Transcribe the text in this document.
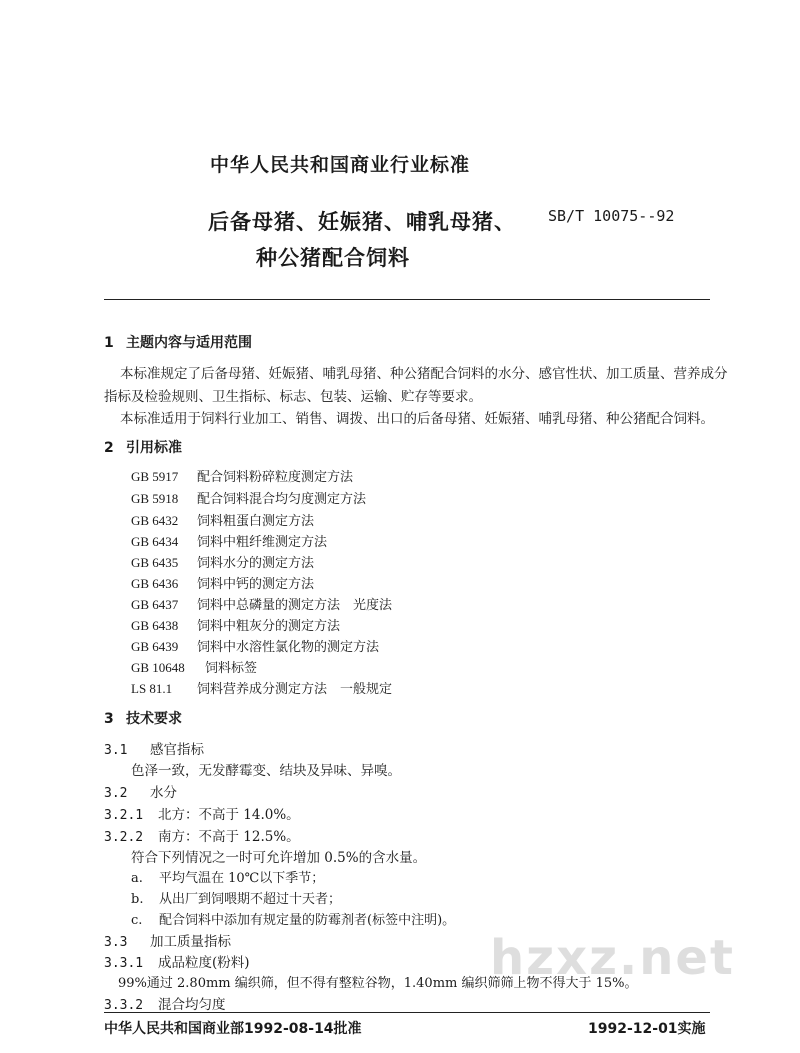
中华人民共和国商业行业标准
后备母猪、妊娠猪、哺乳母猪、
种公猪配合饲料
SB/T 10075--92
1 主题内容与适用范围
本标准规定了后备母猪、妊娠猪、哺乳母猪、种公猪配合饲料的水分、感官性状、加工质量、营养成分
指标及检验规则、卫生指标、标志、包装、运输、贮存等要求。
本标准适用于饲料行业加工、销售、调拨、出口的后备母猪、妊娠猪、哺乳母猪、种公猪配合饲料。
2 引用标准
GB 5917 配合饲料粉碎粒度测定方法
GB 5918 配合饲料混合均匀度测定方法
GB 6432 饲料粗蛋白测定方法
GB 6434 饲料中粗纤维测定方法
GB 6435 饲料水分的测定方法
GB 6436 饲料中钙的测定方法
GB 6437 饲料中总磷量的测定方法　光度法
GB 6438 饲料中粗灰分的测定方法
GB 6439 饲料中水溶性氯化物的测定方法
GB 10648 饲料标签
LS 81.1 饲料营养成分测定方法　一般规定
3 技术要求
3.1 感官指标
色泽一致，无发酵霉变、结块及异味、异嗅。
3.2 水分
3.2.1 北方：不高于 14.0%。
3.2.2 南方：不高于 12.5%。
符合下列情况之一时可允许增加 0.5%的含水量。
a. 平均气温在 10℃以下季节；
b. 从出厂到饲喂期不超过十天者；
c. 配合饲料中添加有规定量的防霉剂者(标签中注明)。
3.3 加工质量指标
3.3.1 成品粒度(粉料)
99%通过 2.80mm 编织筛，但不得有整粒谷物，1.40mm 编织筛筛上物不得大于 15%。
3.3.2 混合均匀度
hzxz.net
中华人民共和国商业部1992-08-14批准	1992-12-01实施
